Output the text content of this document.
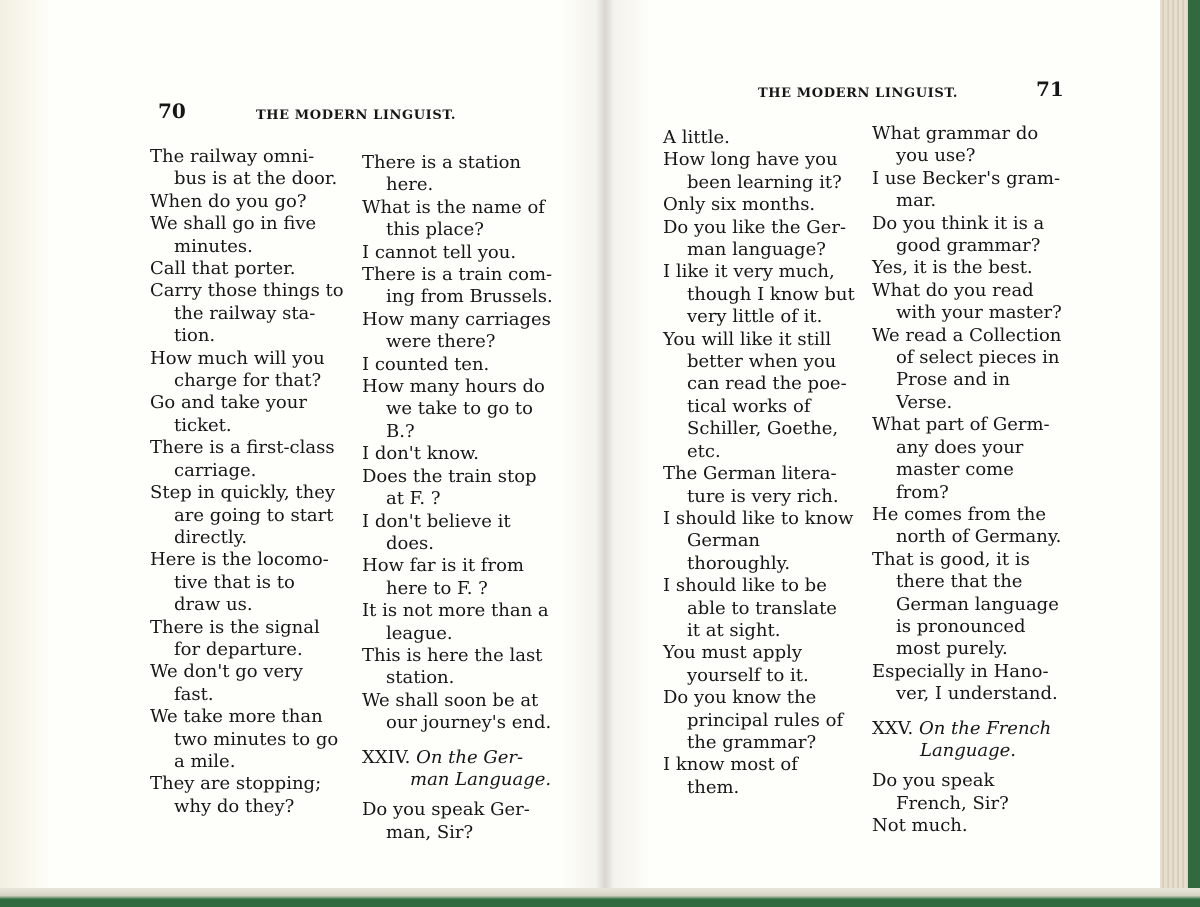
70	THE MODERN LINGUIST.

The railway omni-bus is at the door.
When do you go?
We shall go in five minutes.
Call that porter.
Carry those things to the railway sta-tion.
How much will you charge for that?
Go and take your ticket.
There is a first-class carriage.
Step in quickly, they are going to start directly.
Here is the locomo-tive that is to draw us.
There is the signal for departure.
We don't go very fast.
We take more than two minutes to go a mile.
They are stopping; why do they?
There is a station here.
What is the name of this place?
I cannot tell you.
There is a train com-ing from Brussels.
How many carriages were there?
I counted ten.
How many hours do we take to go to B.?
I don't know.
Does the train stop at F. ?
I don't believe it does.
How far is it from here to F. ?
It is not more than a league.
This is here the last station.
We shall soon be at our journey's end.
XXIV. On the Ger-man Language.
Do you speak Ger-man, Sir?

71

THE MODERN LINGUIST.

A little.
How long have you been learning it?
Only six months.
Do you like the Ger-man language?
I like it very much, though I know but very little of it.
You will like it still better when you can read the poe-tical works of Schiller, Goethe, etc.
The German litera-ture is very rich.
I should like to know German thoroughly.
I should like to be able to translate it at sight.
You must apply yourself to it.
Do you know the principal rules of the grammar?
I know most of them.
What grammar do you use?
I use Becker's gram-mar.
Do you think it is a good grammar?
Yes, it is the best.
What do you read with your master?
We read a Collection of select pieces in Prose and in Verse.
What part of Germ-any does your master come from?
He comes from the north of Germany.
That is good, it is there that the German language is pronounced most purely.
Especially in Hano-ver, I understand.
XXV. On the French Language.
Do you speak French, Sir?
Not much.
